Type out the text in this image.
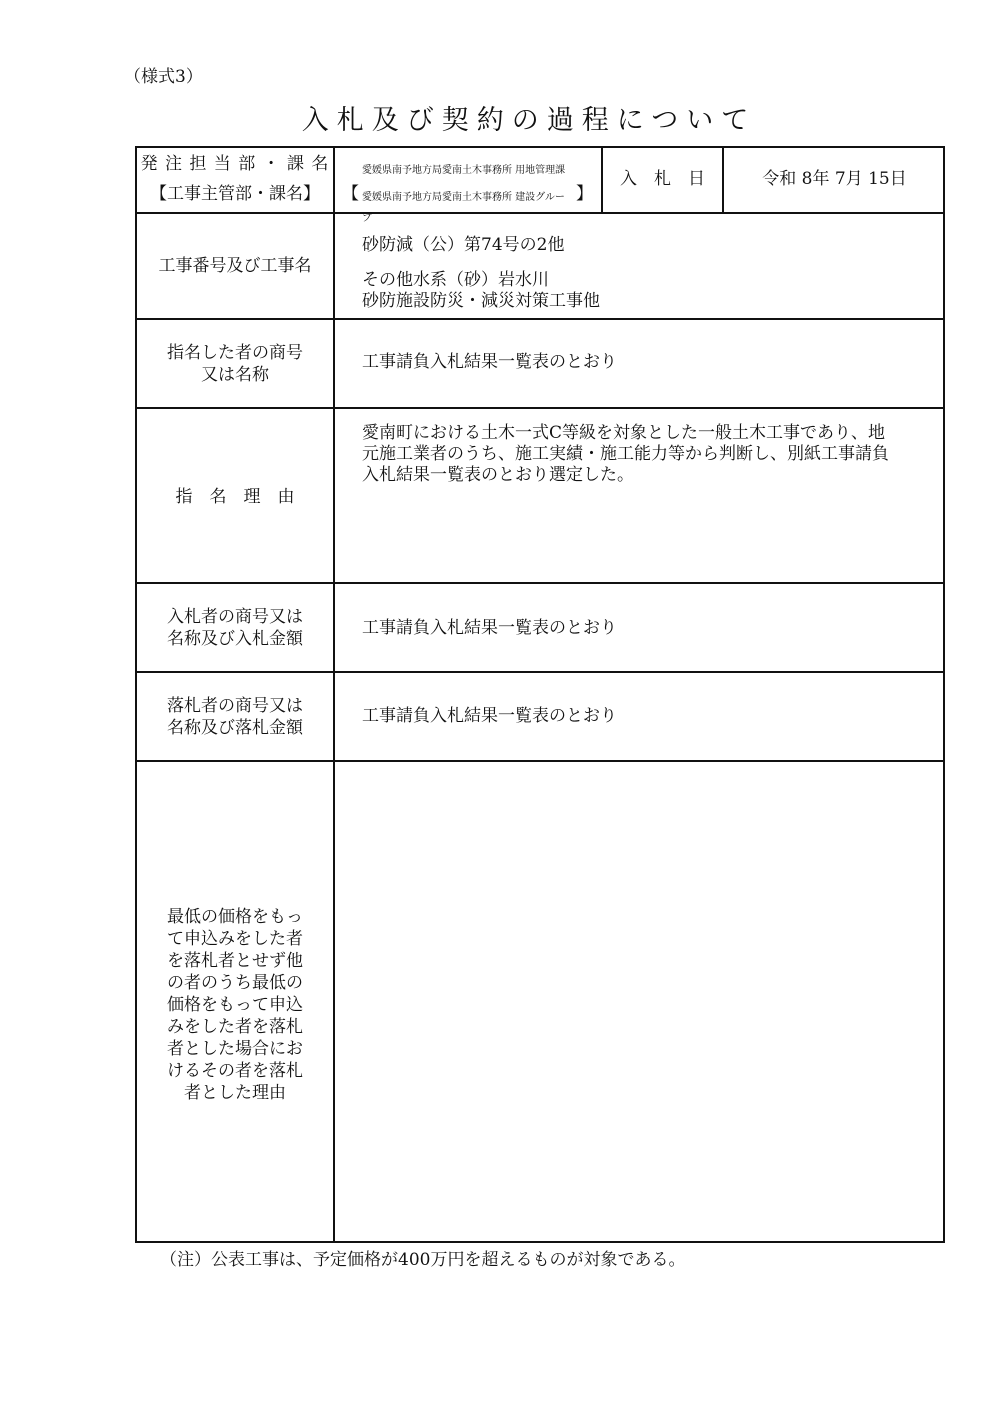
（様式3）
入札及び契約の過程について
発 注 担 当 部 ・ 課 名
【工事主管部・課名】
愛媛県南予地方局愛南土木事務所 用地管理課
【 愛媛県南予地方局愛南土木事務所 建設グループ
】
入　札　日	令和 8年 7月 15日
工事番号及び工事名
砂防減（公）第74号の2他
その他水系（砂）岩水川
砂防施設防災・減災対策工事他
指名した者の商号
又は名称
工事請負入札結果一覧表のとおり
指　名　理　由
愛南町における土木一式C等級を対象とした一般土木工事であり、地
元施工業者のうち、施工実績・施工能力等から判断し、別紙工事請負
入札結果一覧表のとおり選定した。
入札者の商号又は
名称及び入札金額
工事請負入札結果一覧表のとおり
落札者の商号又は
名称及び落札金額
工事請負入札結果一覧表のとおり
最低の価格をもっ
て申込みをした者
を落札者とせず他
の者のうち最低の
価格をもって申込
みをした者を落札
者とした場合にお
けるその者を落札
者とした理由
（注）公表工事は、予定価格が400万円を超えるものが対象である。
